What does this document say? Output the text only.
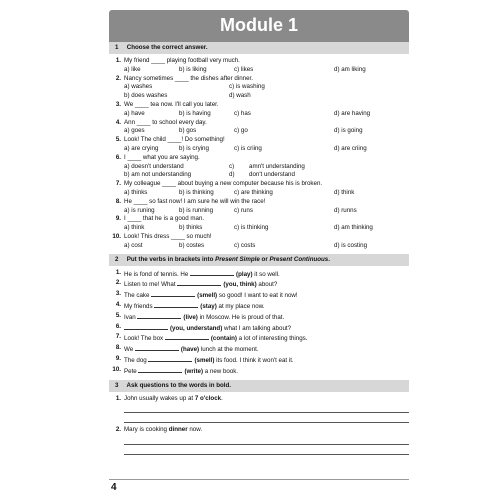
Module 1
1 Choose the correct answer.
1. My friend ____ playing football very much.
a) like	b) is liking	c) likes	d) am liking
2. Nancy sometimes ____ the dishes after dinner.
a) washes	c) is washing
b) does washes	d) wash
3. We ____ tea now. I'll call you later.
a) have	b) is having	c) has	d) are having
4. Ann ____ to school every day.
a) goes	b) gos	c) go	d) is going
5. Look! The child ____! Do something!
a) are crying	b) is crying	c) is criing	d) are criing
6. I ____ what you are saying.
a) doesn't understand	c)	amn't understanding
b) am not understanding	d)	don't understand
7. My colleague ____ about buying a new computer because his is broken.
a) thinks	b) is thinking	c) are thinking	d) think
8. He ____ so fast now! I am sure he will win the race!
a) is runing	b) is running	c) runs	d) runns
9. I ____ that he is a good man.
a) think	b) thinks	c) is thinking	d) am thinking
10. Look! This dress ____ so much!
a) cost	b) costes	c) costs	d) is costing
2 Put the verbs in brackets into Present Simple or Present Continuous.
1. He is fond of tennis. He	(play) it so well.
2. Listen to me! What	(you, think) about?
3. The cake	(smell) so good! I want to eat it now!
4. My friends	(stay) at my place now.
5. Ivan	(live) in Moscow. He is proud of that.
6.	(you, understand) what I am talking about?
7. Look! The box	(contain) a lot of interesting things.
8. We	(have) lunch at the moment.
9. The dog	(smell) its food. I think it won't eat it.
10. Pete	(write) a new book.
3 Ask questions to the words in bold.
1. John usually wakes up at 7 o'clock.
2. Mary is cooking dinner now.
4
